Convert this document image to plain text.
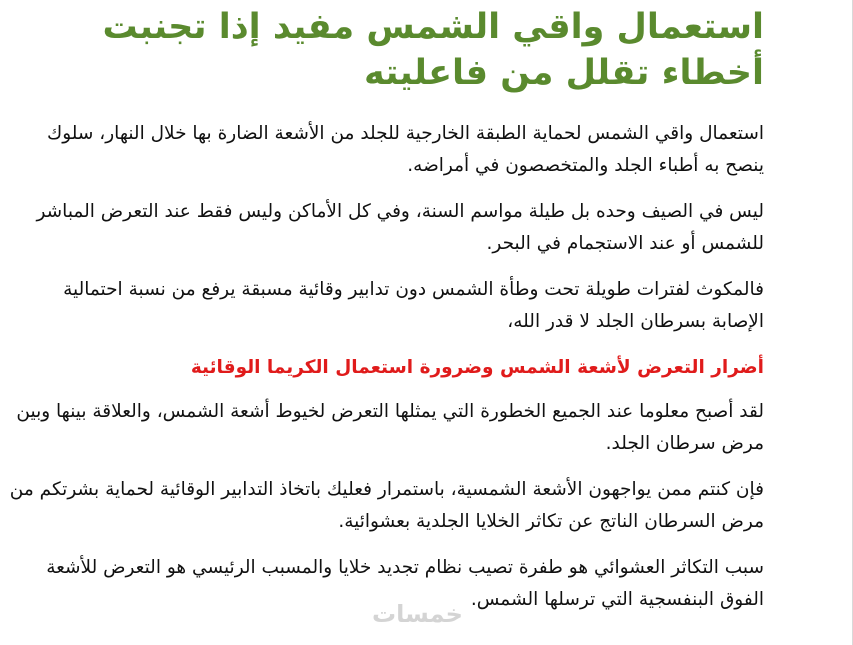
استعمال واقي الشمس مفيد إذا تجنبت أخطاء تقلل من فاعليته

استعمال واقي الشمس لحماية الطبقة الخارجية للجلد من الأشعة الضارة بها خلال النهار، سلوك ينصح به أطباء الجلد والمتخصصون في أمراضه.

ليس في الصيف وحده بل طيلة مواسم السنة، وفي كل الأماكن وليس فقط عند التعرض المباشر للشمس أو عند الاستجمام في البحر.

فالمكوث لفترات طويلة تحت وطأة الشمس دون تدابير وقائية مسبقة يرفع من نسبة احتمالية الإصابة بسرطان الجلد لا قدر الله،

أضرار التعرض لأشعة الشمس وضرورة استعمال الكريما الوقائية

لقد أصبح معلوما عند الجميع الخطورة التي يمثلها التعرض لخيوط أشعة الشمس، والعلاقة بينها وبين مرض سرطان الجلد.

فإن كنتم ممن يواجهون الأشعة الشمسية، باستمرار فعليك باتخاذ التدابير الوقائية لحماية بشرتكم من مرض السرطان الناتج عن تكاثر الخلايا الجلدية بعشوائية.

سبب التكاثر العشوائي هو طفرة تصيب نظام تجديد خلايا والمسبب الرئيسي هو التعرض للأشعة الفوق البنفسجية التي ترسلها الشمس.

خمسات
